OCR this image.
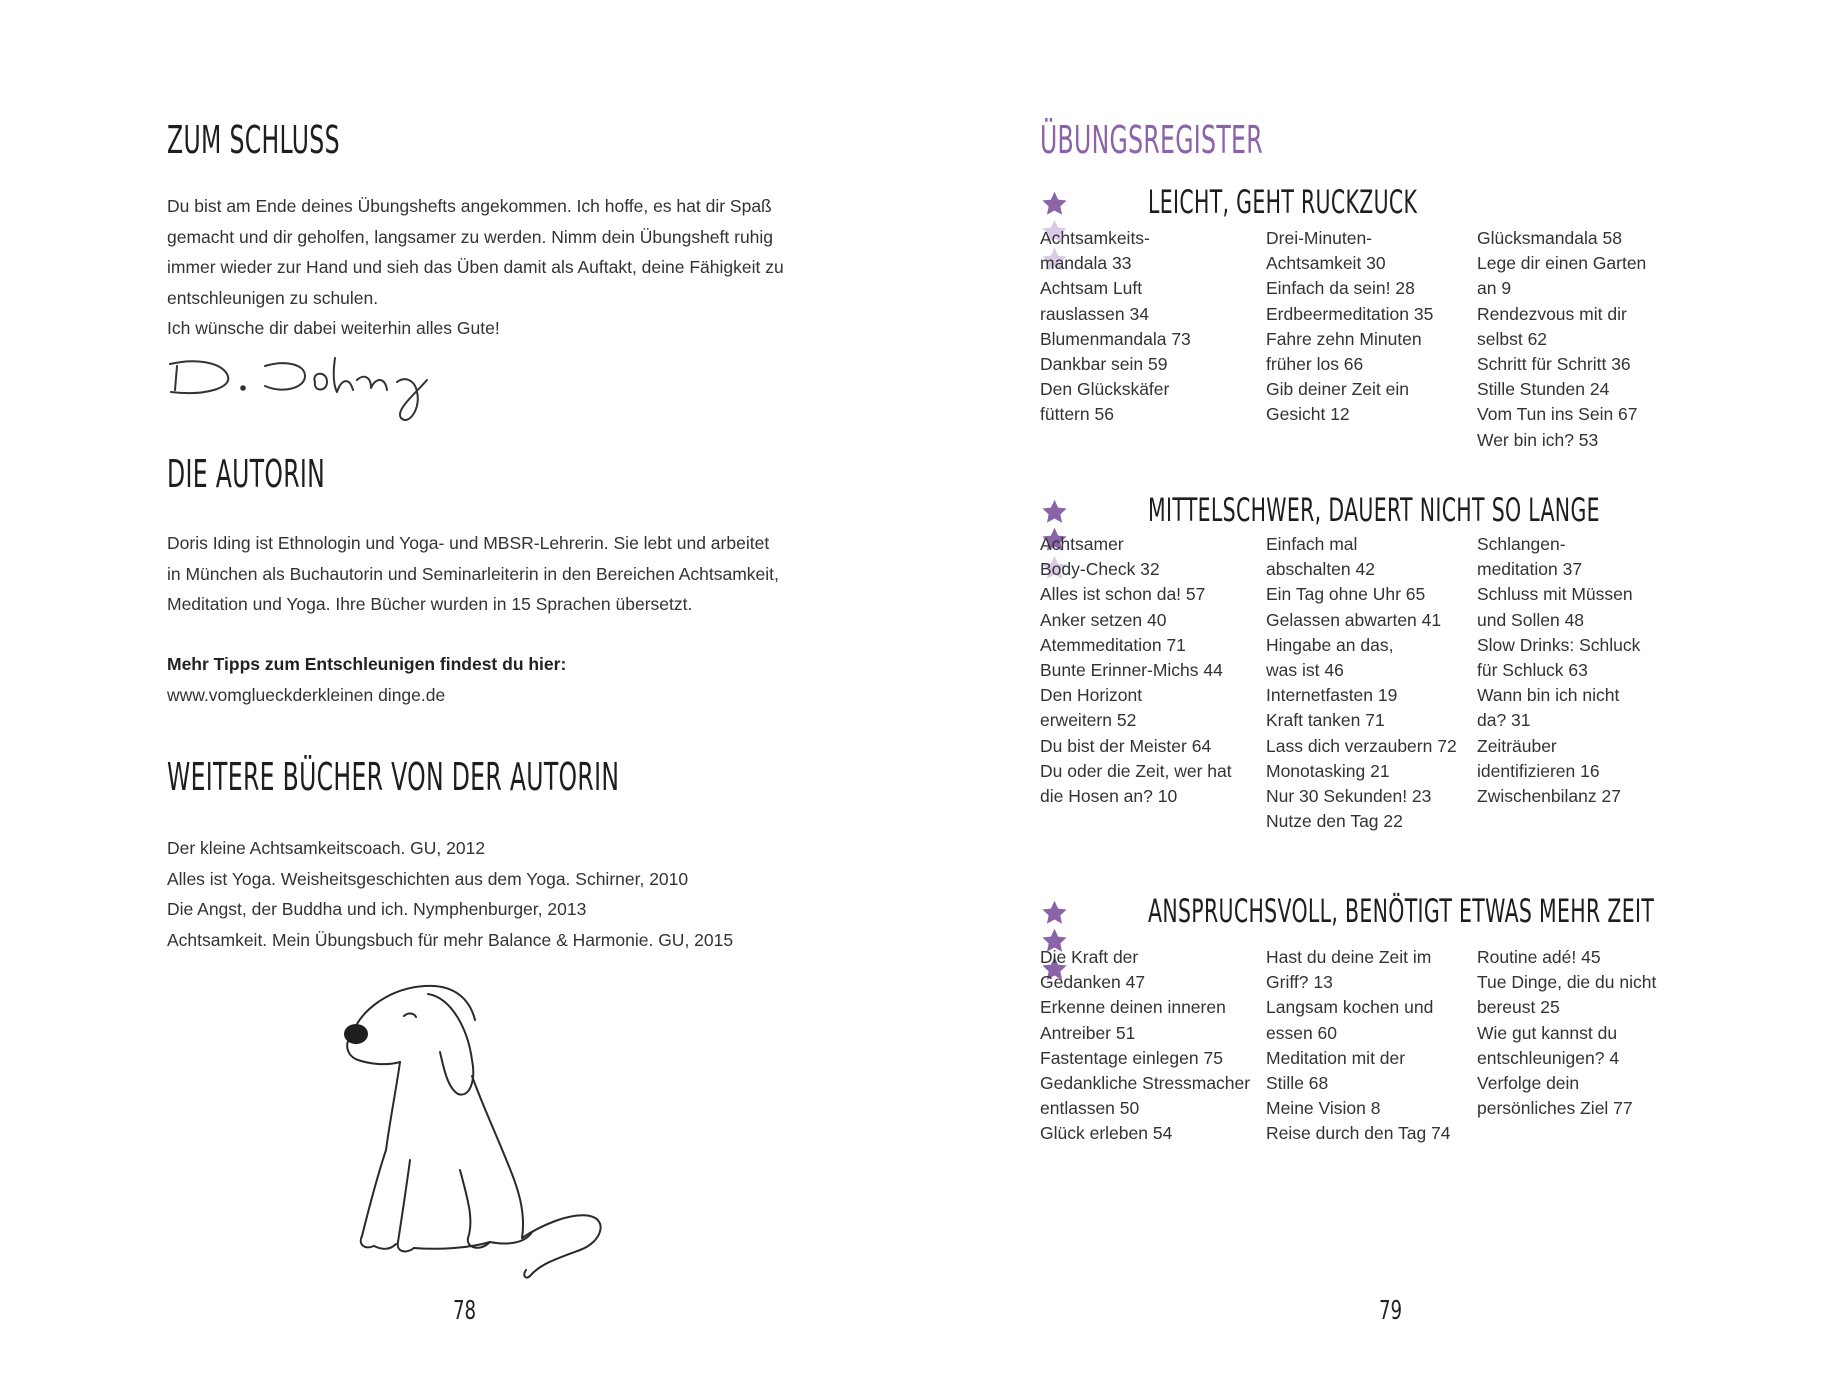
ZUM SCHLUSS
Du bist am Ende deines Übungshefts angekommen. Ich hoffe, es hat dir Spaß
gemacht und dir geholfen, langsamer zu werden. Nimm dein Übungsheft ruhig
immer wieder zur Hand und sieh das Üben damit als Auftakt, deine Fähigkeit zu
entschleunigen zu schulen.
Ich wünsche dir dabei weiterhin alles Gute!
DIE AUTORIN
Doris Iding ist Ethnologin und Yoga- und MBSR-Lehrerin. Sie lebt und arbeitet
in München als Buchautorin und Seminarleiterin in den Bereichen Achtsamkeit,
Meditation und Yoga. Ihre Bücher wurden in 15 Sprachen übersetzt.
Mehr Tipps zum Entschleunigen findest du hier:
www.vomglueckderkleinen dinge.de
WEITERE BÜCHER VON DER AUTORIN
Der kleine Achtsamkeitscoach. GU, 2012
Alles ist Yoga. Weisheitsgeschichten aus dem Yoga. Schirner, 2010
Die Angst, der Buddha und ich. Nymphenburger, 2013
Achtsamkeit. Mein Übungsbuch für mehr Balance & Harmonie. GU, 2015
78
ÜBUNGSREGISTER
LEICHT, GEHT RUCKZUCK
Achtsamkeits-
mandala 33
Achtsam Luft
rauslassen 34
Blumenmandala 73
Dankbar sein 59
Den Glückskäfer
füttern 56
Drei-Minuten-
Achtsamkeit 30
Einfach da sein! 28
Erdbeermeditation 35
Fahre zehn Minuten
früher los 66
Gib deiner Zeit ein
Gesicht 12
Glücksmandala 58
Lege dir einen Garten
an 9
Rendezvous mit dir
selbst 62
Schritt für Schritt 36
Stille Stunden 24
Vom Tun ins Sein 67
Wer bin ich? 53
MITTELSCHWER, DAUERT NICHT SO LANGE
Achtsamer
Body-Check 32
Alles ist schon da! 57
Anker setzen 40
Atemmeditation 71
Bunte Erinner-Michs 44
Den Horizont
erweitern 52
Du bist der Meister 64
Du oder die Zeit, wer hat
die Hosen an? 10
Einfach mal
abschalten 42
Ein Tag ohne Uhr 65
Gelassen abwarten 41
Hingabe an das,
was ist 46
Internetfasten 19
Kraft tanken 71
Lass dich verzaubern 72
Monotasking 21
Nur 30 Sekunden! 23
Nutze den Tag 22
Schlangen-
meditation 37
Schluss mit Müssen
und Sollen 48
Slow Drinks: Schluck
für Schluck 63
Wann bin ich nicht
da? 31
Zeiträuber
identifizieren 16
Zwischenbilanz 27
ANSPRUCHSVOLL, BENÖTIGT ETWAS MEHR ZEIT
Die Kraft der
Gedanken 47
Erkenne deinen inneren
Antreiber 51
Fastentage einlegen 75
Gedankliche Stressmacher
entlassen 50
Glück erleben 54
Hast du deine Zeit im
Griff? 13
Langsam kochen und
essen 60
Meditation mit der
Stille 68
Meine Vision 8
Reise durch den Tag 74
Routine adé! 45
Tue Dinge, die du nicht
bereust 25
Wie gut kannst du
entschleunigen? 4
Verfolge dein
persönliches Ziel 77
79
